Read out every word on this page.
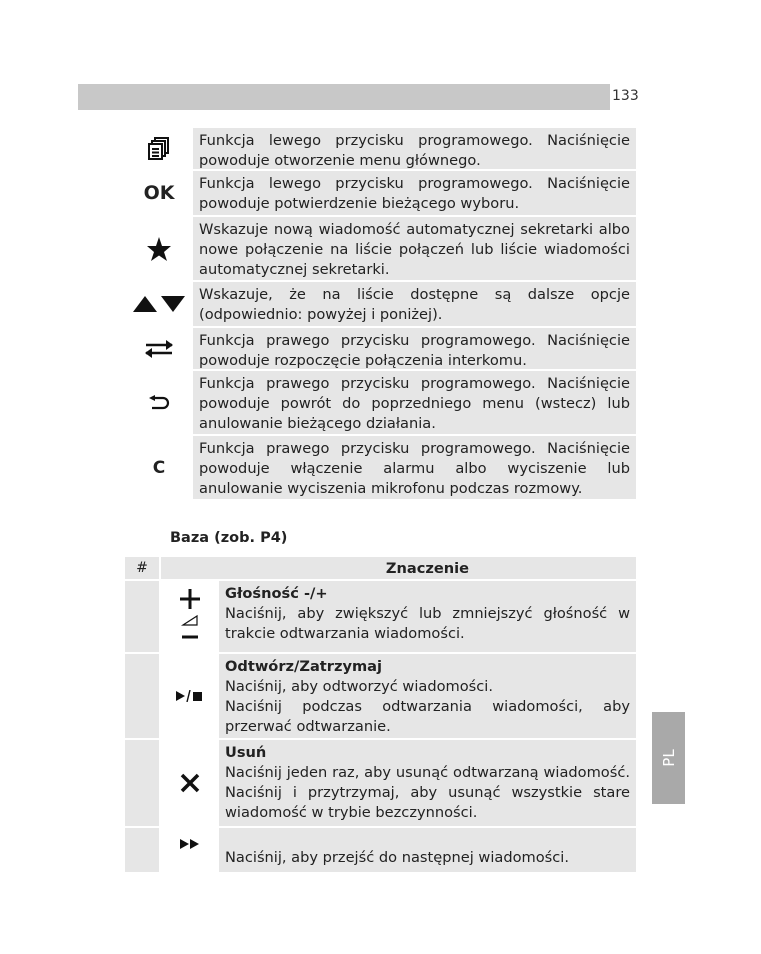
133
PL
Funkcja lewego przycisku programowego. Naciśnięcie powoduje otworzenie menu głównego.
OK	Funkcja lewego przycisku programowego. Naciśnięcie powoduje potwierdzenie bieżącego wyboru.
Wskazuje nową wiadomość automatycznej sekretarki albo nowe połączenie na liście połączeń lub liście wiadomości automatycznej sekretarki.
Wskazuje, że na liście dostępne są dalsze opcje (odpowiednio: powyżej i poniżej).
Funkcja prawego przycisku programowego. Naciśnięcie powoduje rozpoczęcie połączenia interkomu.
Funkcja prawego przycisku programowego. Naciśnięcie powoduje powrót do poprzedniego menu (wstecz) lub anulowanie bieżącego działania.
C
Funkcja prawego przycisku programowego. Naciśnięcie powoduje włączenie alarmu albo wyciszenie lub anulowanie wyciszenia mikrofonu podczas rozmowy.
Baza (zob. P4)
#	Znaczenie
Głośność -/+
Naciśnij, aby zwiększyć lub zmniejszyć głośność w trakcie odtwarzania wiadomości.
Odtwórz/Zatrzymaj
Naciśnij, aby odtworzyć wiadomości.
Naciśnij podczas odtwarzania wiadomości, aby przerwać odtwarzanie.
Usuń
Naciśnij jeden raz, aby usunąć odtwarzaną wiadomość. Naciśnij i przytrzymaj, aby usunąć wszystkie stare wiadomość w trybie bezczynności.
Naciśnij, aby przejść do następnej wiadomości.
